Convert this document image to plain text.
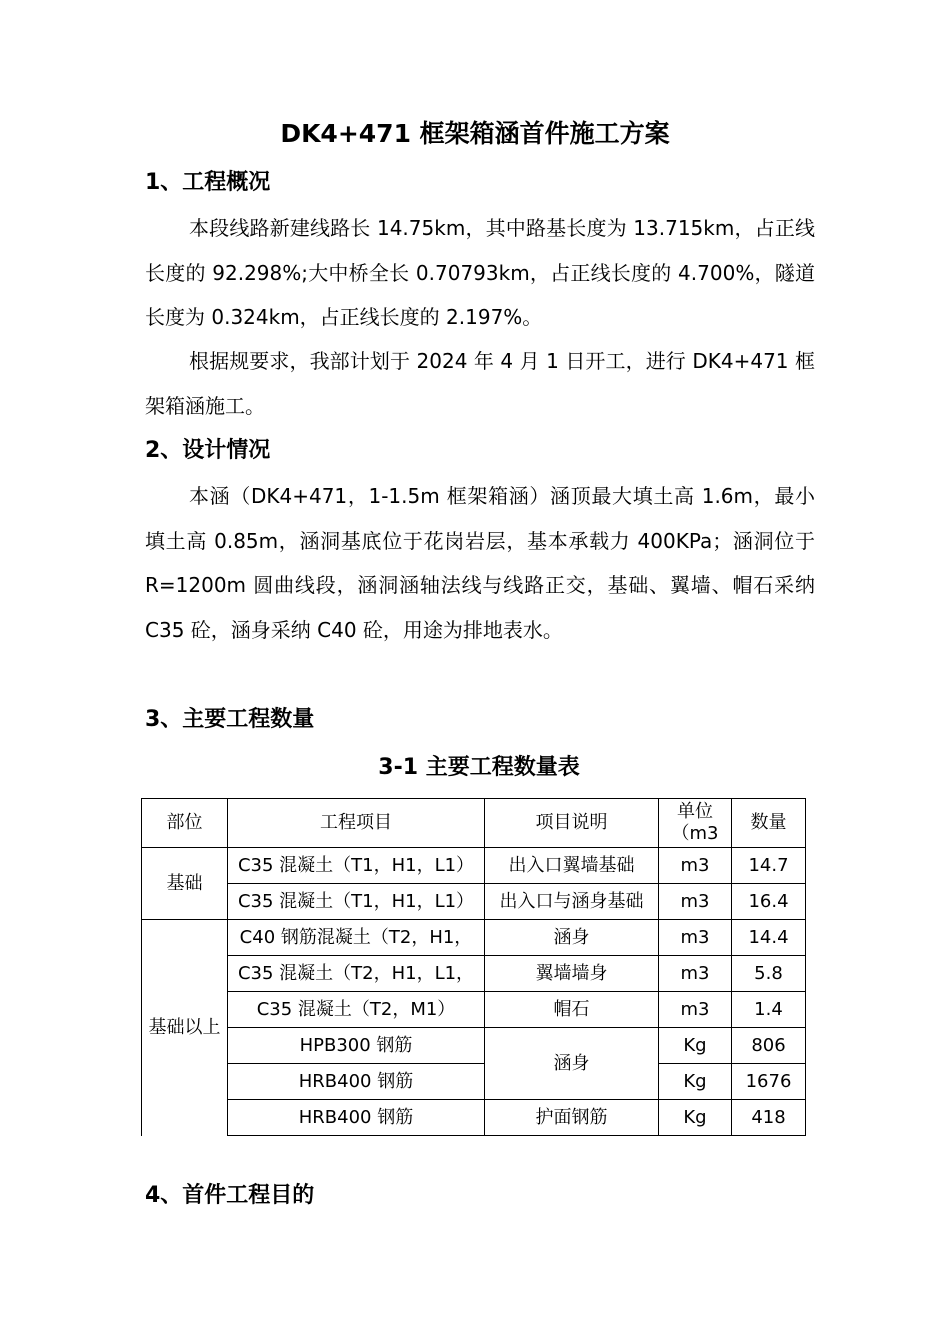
DK4+471 框架箱涵首件施工方案
1、工程概况

本段线路新建线路长 14.75km，其中路基长度为 13.715km，占正线长度的 92.298%;大中桥全长 0.70793km，占正线长度的 4.700%，隧道长度为 0.324km，占正线长度的 2.197%。

根据规要求，我部计划于 2024 年 4 月 1 日开工，进行 DK4+471 框架箱涵施工。

2、设计情况

本涵（DK4+471，1-1.5m 框架箱涵）涵顶最大填土高 1.6m，最小填土高 0.85m，涵洞基底位于花岗岩层，基本承载力 400KPa；涵洞位于 R=1200m 圆曲线段，涵洞涵轴法线与线路正交，基础、翼墙、帽石采纳 C35 砼，涵身采纳 C40 砼，用途为排地表水。

3、主要工程数量
3-1 主要工程数量表
部位	工程项目	项目说明	单位（m3	数量
基础	C35 混凝土（T1，H1，L1）	出入口翼墙基础	m3	14.7

	C35 混凝土（T1，H1，L1）	出入口与涵身基础	m3	16.4
基础以上	C40 钢筋混凝土（T2，H1，	涵身	m3	14.4

	C35 混凝土（T2，H1，L1，	翼墙墙身	m3	5.8
	C35 混凝土（T2，M1）	帽石	m3	1.4
	HPB300 钢筋	涵身	Kg	806
	HRB400 钢筋		Kg	1676
	HRB400 钢筋	护面钢筋	Kg	418
4、首件工程目的
